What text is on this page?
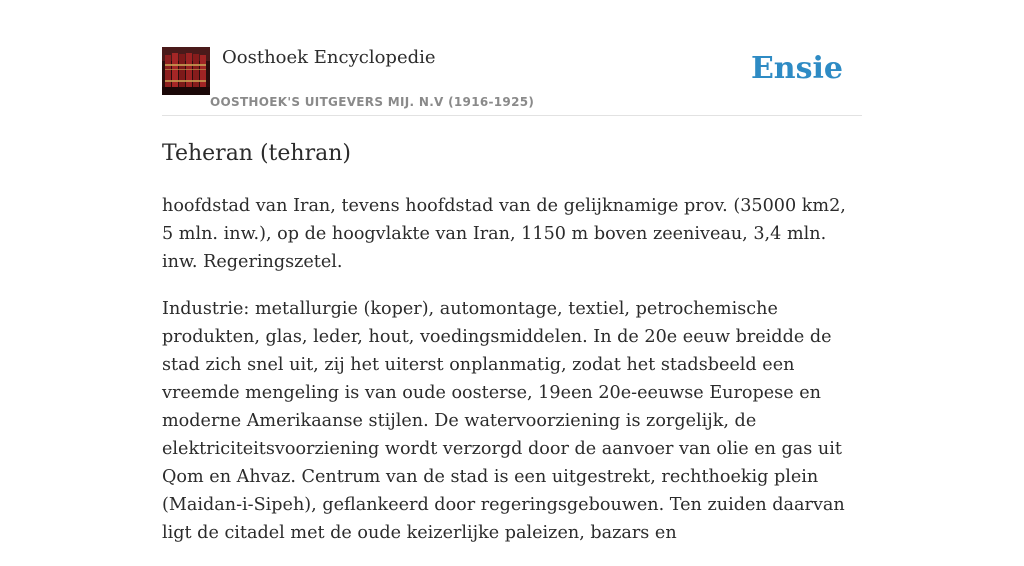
Oosthoek Encyclopedie
OOSTHOEK'S UITGEVERS MIJ. N.V (1916-1925)
Ensie
Teheran (tehran)

hoofdstad van Iran, tevens hoofdstad van de gelijknamige prov. (35000 km2, 5 mln. inw.), op de hoogvlakte van Iran, 1150 m boven zeeniveau, 3,4 mln. inw. Regeringszetel.

Industrie: metallurgie (koper), automontage, textiel, petrochemische produkten, glas, leder, hout, voedingsmiddelen. In de 20e eeuw breidde de stad zich snel uit, zij het uiterst onplanmatig, zodat het stadsbeeld een vreemde mengeling is van oude oosterse, 19een 20e-eeuwse Europese en moderne Amerikaanse stijlen. De watervoorziening is zorgelijk, de elektriciteitsvoorziening wordt verzorgd door de aanvoer van olie en gas uit Qom en Ahvaz. Centrum van de stad is een uitgestrekt, rechthoekig plein (Maidan-i-Sipeh), geflankeerd door regeringsgebouwen. Ten zuiden daarvan ligt de citadel met de oude keizerlijke paleizen, bazars en
